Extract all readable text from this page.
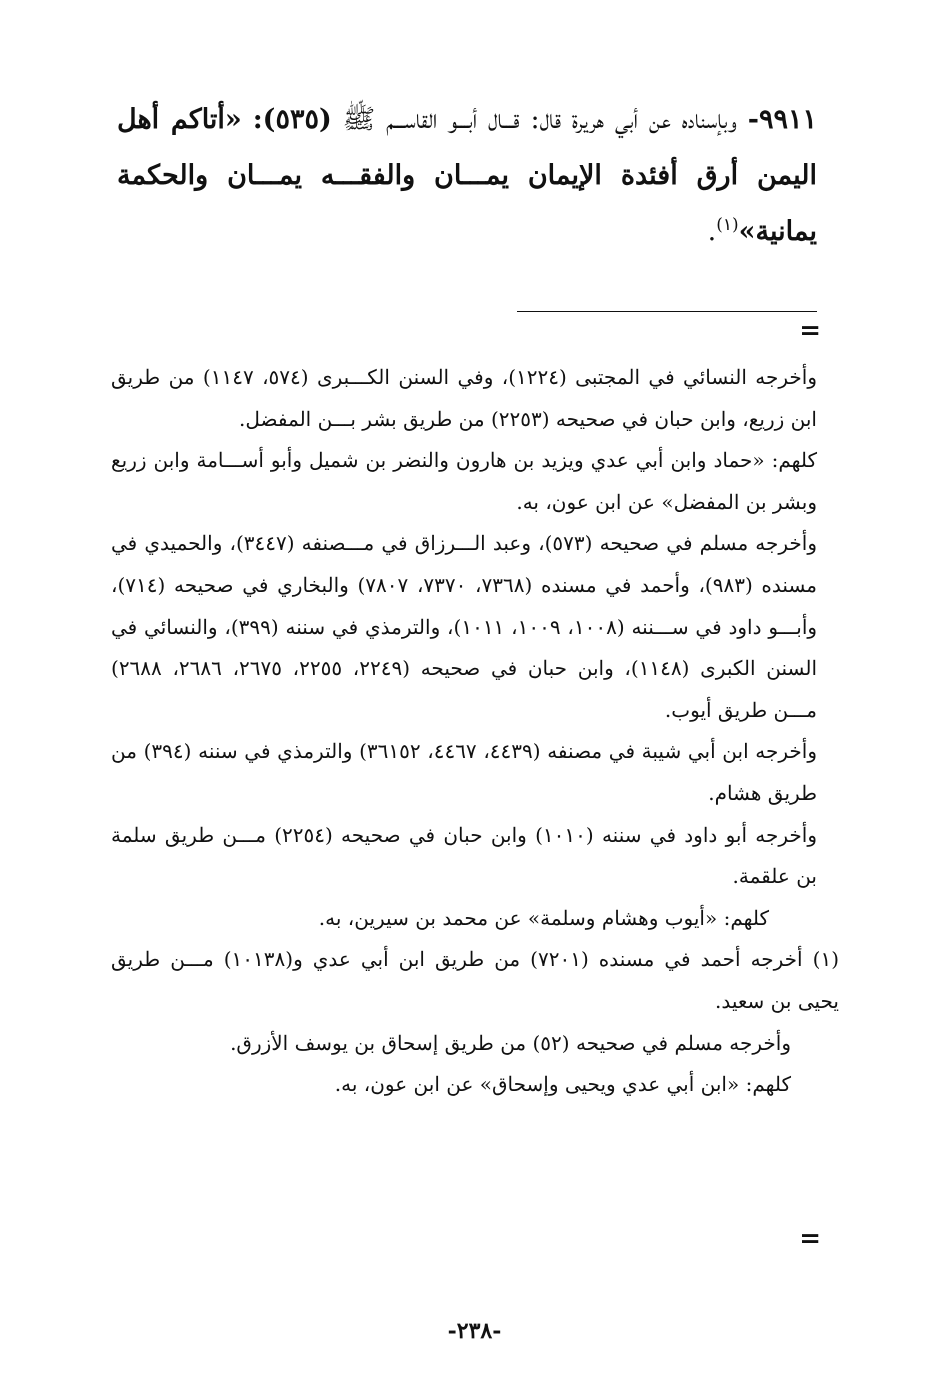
٩٩١١- وبإسناده عن أبي هريرة قال: قـــال أبـــو القاســـم ﷺ (٥٣٥): «أتاكم أهل اليمن أرق أفئدة الإيمان يمـــان والفقـــه يمـــان والحكمة يمانية»$^{(١)}$.
=

وأخرجه النسائي في المجتبى (١٢٢٤)، وفي السنن الكـــبرى (٥٧٤، ١١٤٧) من طريق ابن زريع، وابن حبان في صحيحه (٢٢٥٣) من طريق بشر بـــن المفضل.

كلهم: «حماد وابن أبي عدي ويزيد بن هارون والنضر بن شميل وأبو أســـامة وابن زريع وبشر بن المفضل» عن ابن عون، به.

وأخرجه مسلم في صحيحه (٥٧٣)، وعبد الـــرزاق في مـــصنفه (٣٤٤٧)، والحميدي في مسنده (٩٨٣)، وأحمد في مسنده (٧٣٦٨، ٧٣٧٠، ٧٨٠٧) والبخاري في صحيحه (٧١٤)، وأبـــو داود في ســـننه (١٠٠٨، ١٠٠٩، ١٠١١)، والترمذي في سننه (٣٩٩)، والنسائي في السنن الكبرى (١١٤٨)، وابن حبان في صحيحه (٢٢٤٩، ٢٢٥٥، ٢٦٧٥، ٢٦٨٦، ٢٦٨٨) مـــن طريق أيوب.

وأخرجه ابن أبي شيبة في مصنفه (٤٤٣٩، ٤٤٦٧، ٣٦١٥٢) والترمذي في سننه (٣٩٤) من طريق هشام.

وأخرجه أبو داود في سننه (١٠١٠) وابن حبان في صحيحه (٢٢٥٤) مـــن طريق سلمة بن علقمة.

كلهم: «أيوب وهشام وسلمة» عن محمد بن سيرين، به.

(١) أخرجه أحمد في مسنده (٧٢٠١) من طريق ابن أبي عدي و(١٠١٣٨) مـــن طريق يحيى بن سعيد.

وأخرجه مسلم في صحيحه (٥٢) من طريق إسحاق بن يوسف الأزرق.

كلهم: «ابن أبي عدي ويحيى وإسحاق» عن ابن عون، به.

=
-٢٣٨-
